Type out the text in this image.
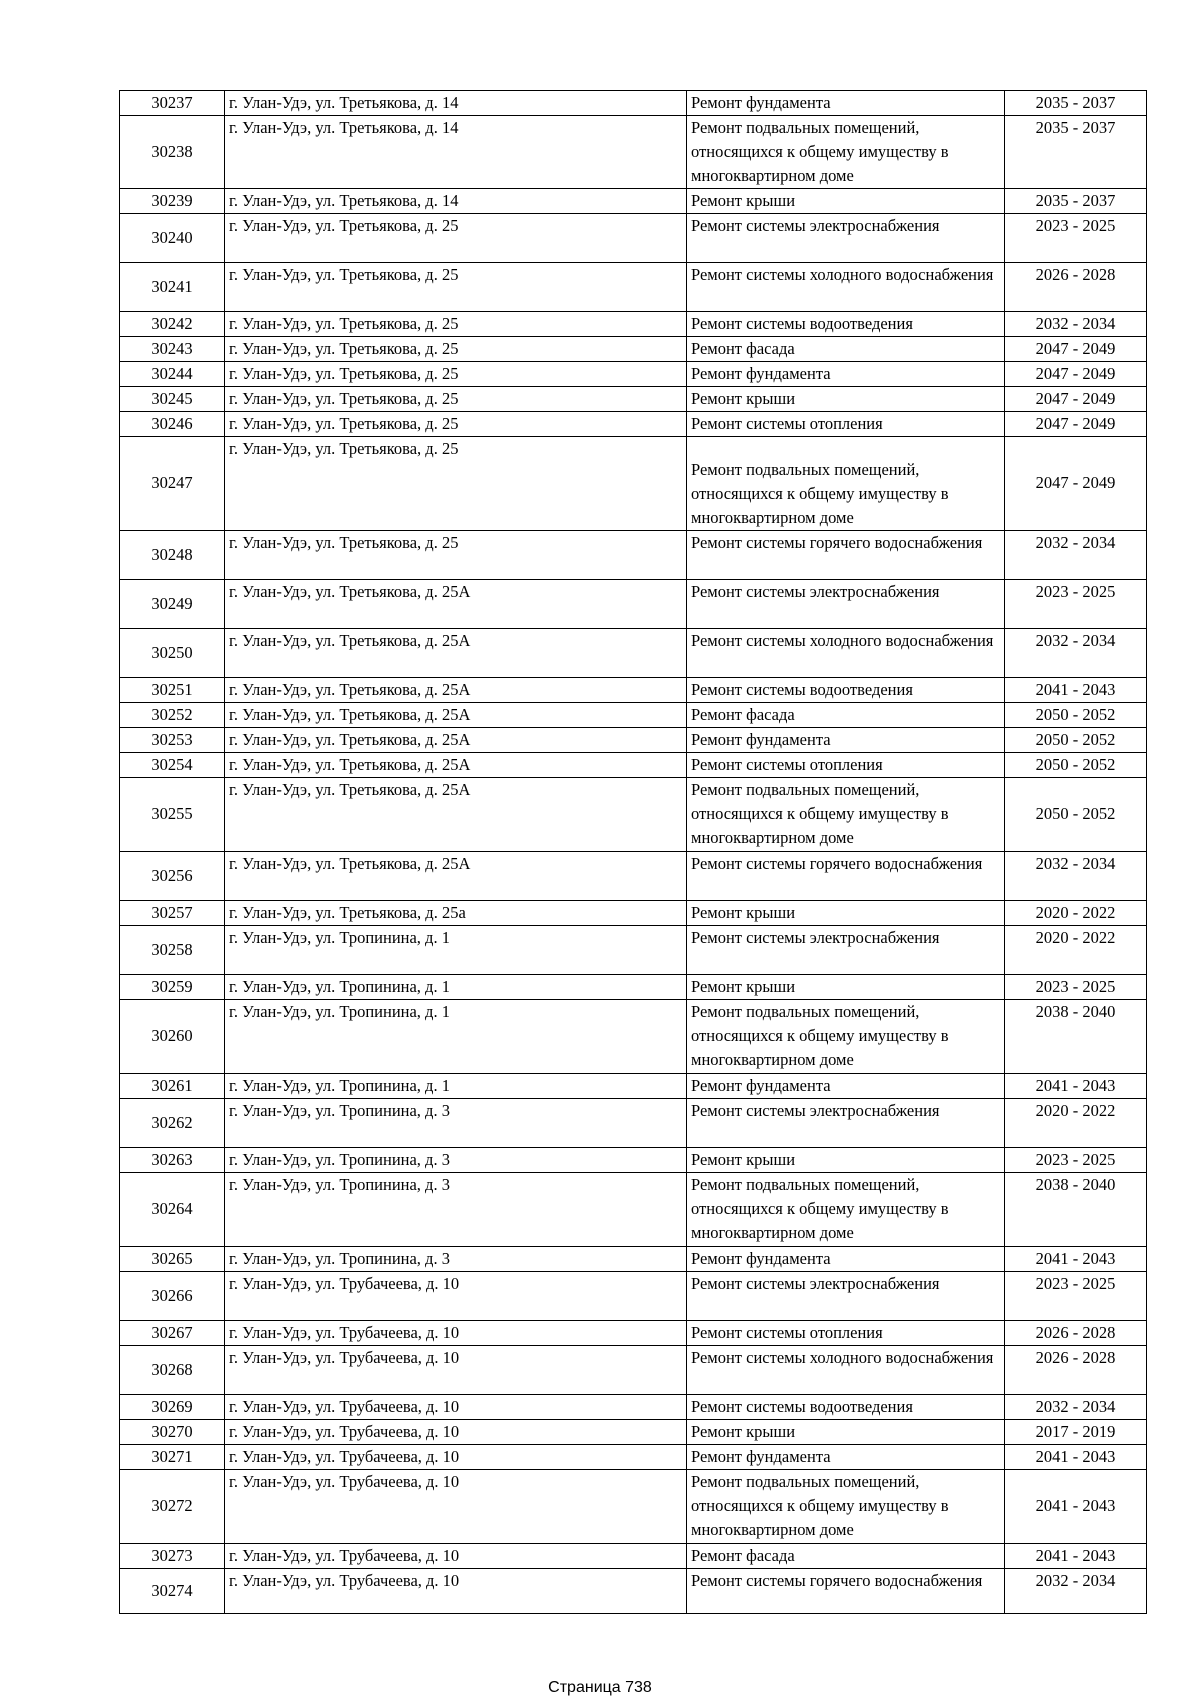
30237	г. Улан-Удэ, ул. Третьякова, д. 14	Ремонт фундамента	2035 - 2037
30238	г. Улан-Удэ, ул. Третьякова, д. 14	Ремонт подвальных помещений, относящихся к общему имуществу в многоквартирном доме	2035 - 2037
30239	г. Улан-Удэ, ул. Третьякова, д. 14	Ремонт крыши	2035 - 2037
30240	г. Улан-Удэ, ул. Третьякова, д. 25	Ремонт системы электроснабжения	2023 - 2025
30241	г. Улан-Удэ, ул. Третьякова, д. 25	Ремонт системы холодного водоснабжения	2026 - 2028
30242	г. Улан-Удэ, ул. Третьякова, д. 25	Ремонт системы водоотведения	2032 - 2034
30243	г. Улан-Удэ, ул. Третьякова, д. 25	Ремонт фасада	2047 - 2049
30244	г. Улан-Удэ, ул. Третьякова, д. 25	Ремонт фундамента	2047 - 2049
30245	г. Улан-Удэ, ул. Третьякова, д. 25	Ремонт крыши	2047 - 2049
30246	г. Улан-Удэ, ул. Третьякова, д. 25	Ремонт системы отопления	2047 - 2049
30247	г. Улан-Удэ, ул. Третьякова, д. 25	Ремонт подвальных помещений, относящихся к общему имуществу в многоквартирном доме	2047 - 2049
30248	г. Улан-Удэ, ул. Третьякова, д. 25	Ремонт системы горячего водоснабжения	2032 - 2034
30249	г. Улан-Удэ, ул. Третьякова, д. 25А	Ремонт системы электроснабжения	2023 - 2025
30250	г. Улан-Удэ, ул. Третьякова, д. 25А	Ремонт системы холодного водоснабжения	2032 - 2034
30251	г. Улан-Удэ, ул. Третьякова, д. 25А	Ремонт системы водоотведения	2041 - 2043
30252	г. Улан-Удэ, ул. Третьякова, д. 25А	Ремонт фасада	2050 - 2052
30253	г. Улан-Удэ, ул. Третьякова, д. 25А	Ремонт фундамента	2050 - 2052
30254	г. Улан-Удэ, ул. Третьякова, д. 25А	Ремонт системы отопления	2050 - 2052
30255	г. Улан-Удэ, ул. Третьякова, д. 25А	Ремонт подвальных помещений, относящихся к общему имуществу в многоквартирном доме	2050 - 2052
30256	г. Улан-Удэ, ул. Третьякова, д. 25А	Ремонт системы горячего водоснабжения	2032 - 2034
30257	г. Улан-Удэ, ул. Третьякова, д. 25а	Ремонт крыши	2020 - 2022
30258	г. Улан-Удэ, ул. Тропинина, д. 1	Ремонт системы электроснабжения	2020 - 2022
30259	г. Улан-Удэ, ул. Тропинина, д. 1	Ремонт крыши	2023 - 2025
30260	г. Улан-Удэ, ул. Тропинина, д. 1	Ремонт подвальных помещений, относящихся к общему имуществу в многоквартирном доме	2038 - 2040
30261	г. Улан-Удэ, ул. Тропинина, д. 1	Ремонт фундамента	2041 - 2043
30262	г. Улан-Удэ, ул. Тропинина, д. 3	Ремонт системы электроснабжения	2020 - 2022
30263	г. Улан-Удэ, ул. Тропинина, д. 3	Ремонт крыши	2023 - 2025
30264	г. Улан-Удэ, ул. Тропинина, д. 3	Ремонт подвальных помещений, относящихся к общему имуществу в многоквартирном доме	2038 - 2040
30265	г. Улан-Удэ, ул. Тропинина, д. 3	Ремонт фундамента	2041 - 2043
30266	г. Улан-Удэ, ул. Трубачеева, д. 10	Ремонт системы электроснабжения	2023 - 2025
30267	г. Улан-Удэ, ул. Трубачеева, д. 10	Ремонт системы отопления	2026 - 2028
30268	г. Улан-Удэ, ул. Трубачеева, д. 10	Ремонт системы холодного водоснабжения	2026 - 2028
30269	г. Улан-Удэ, ул. Трубачеева, д. 10	Ремонт системы водоотведения	2032 - 2034
30270	г. Улан-Удэ, ул. Трубачеева, д. 10	Ремонт крыши	2017 - 2019
30271	г. Улан-Удэ, ул. Трубачеева, д. 10	Ремонт фундамента	2041 - 2043
30272	г. Улан-Удэ, ул. Трубачеева, д. 10	Ремонт подвальных помещений, относящихся к общему имуществу в многоквартирном доме	2041 - 2043
30273	г. Улан-Удэ, ул. Трубачеева, д. 10	Ремонт фасада	2041 - 2043
30274	г. Улан-Удэ, ул. Трубачеева, д. 10	Ремонт системы горячего водоснабжения	2032 - 2034
Страница 738
